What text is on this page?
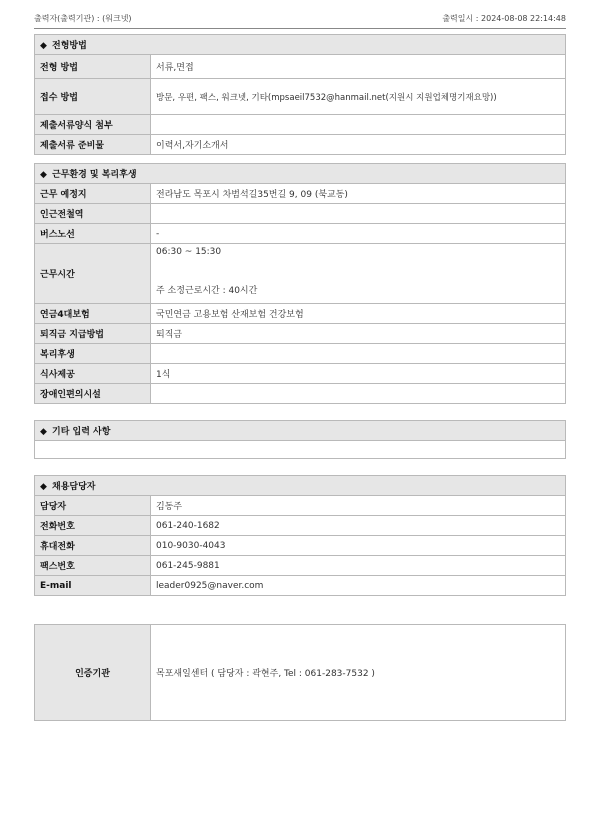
출력자(출력기관) : (워크넷)	출력일시 : 2024-08-08 22:14:48
◆ 전형방법	
전형 방법	서류,면접
접수 방법	방문, 우편, 팩스, 워크넷, 기타(mpsaeil7532@hanmail.net(지원시 지원업체명기재요망))
제출서류양식 첨부	
제출서류 준비물	이력서,자기소개서
◆ 근무환경 및 복리후생	
근무 예정지	전라남도 목포시 차범석길35번길 9, 09 (북교동)
인근전철역	
버스노선	-
근무시간	06:30 ~ 15:30
주 소정근로시간 : 40시간

연금4대보험	국민연금 고용보험 산재보험 건강보험
퇴직금 지급방법	퇴직금
복리후생	
식사제공	1식
장애인편의시설	
◆ 기타 입력 사항

◆ 채용담당자	
담당자	김동주
전화번호	061-240-1682
휴대전화	010-9030-4043
팩스번호	061-245-9881
E-mail	leader0925@naver.com
인증기관	목포새일센터 ( 담당자 : 곽현주, Tel : 061-283-7532 )
